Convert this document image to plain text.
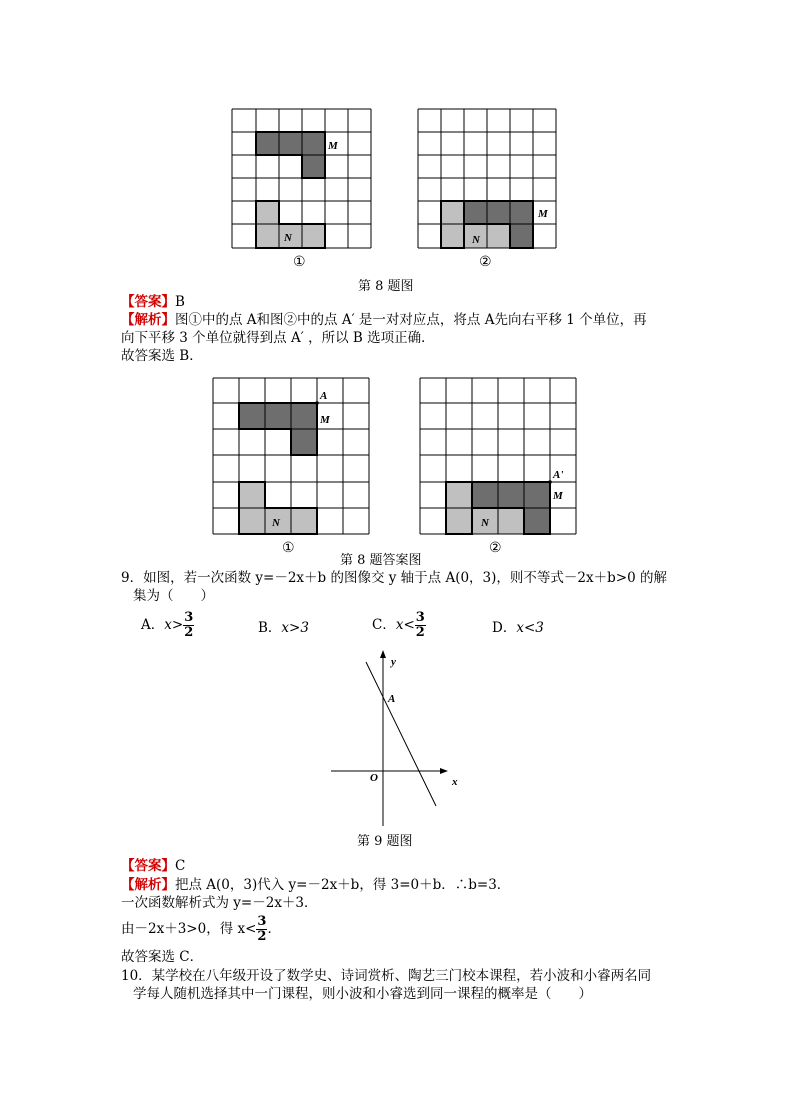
M
N
M
N
①	②
第 8 题图
【答案】B
【解析】图①中的点 A和图②中的点 A′ 是一对对应点，将点 A先向右平移 1 个单位，再
向下平移 3 个单位就得到点 A′ ，所以 B 选项正确．
故答案选 B．
A
M
N
A'
M
N
①	②
第 8 题答案图
9．如图，若一次函数 y=－2x＋b 的图像交 y 轴于点 A(0，3)，则不等式－2x＋b>0 的解
集为（　　）
A．$x> \frac{3}{2}$	B．x>3	C．$x< \frac{3}{2}$	D．x<3
y
A
O	x
第 9 题图
【答案】C
【解析】把点 A(0，3)代入 y=－2x＋b，得 3=0＋b．∴b=3．
一次函数解析式为 y=－2x＋3．
由－2x＋3>0，得 $x< \frac{3}{2}$ ．
故答案选 C．
10．某学校在八年级开设了数学史、诗词赏析、陶艺三门校本课程，若小波和小睿两名同
学每人随机选择其中一门课程，则小波和小睿选到同一课程的概率是（　　）
